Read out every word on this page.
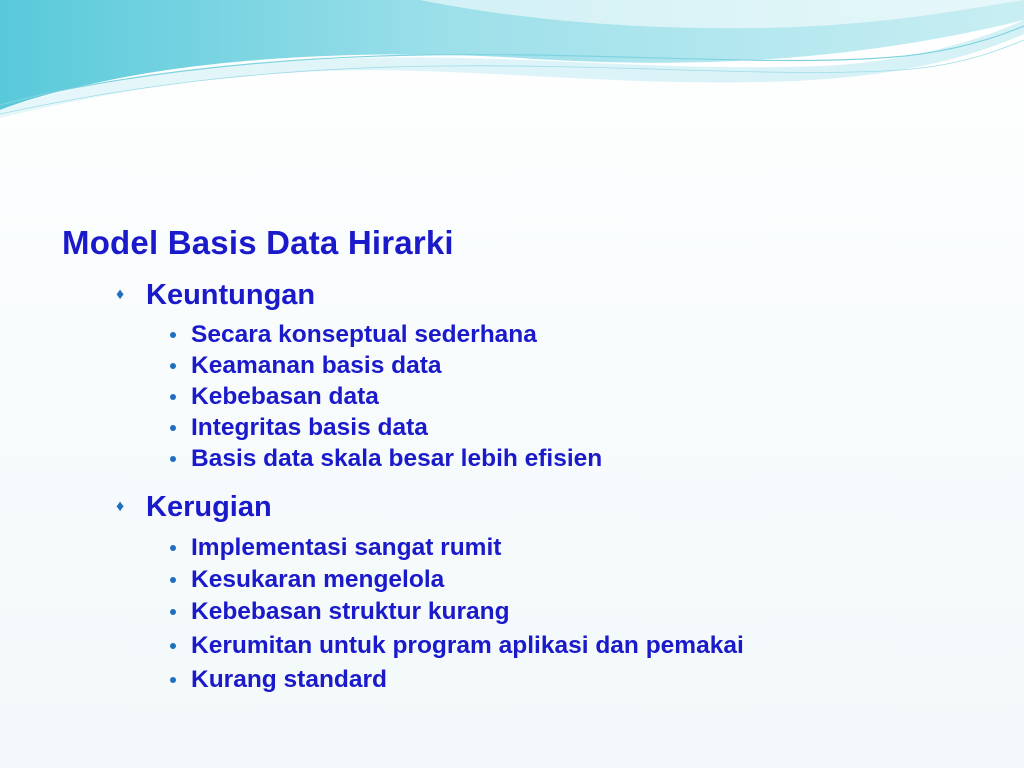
Model Basis Data Hirarki
♦ Keuntungan
Secara konseptual sederhana
Keamanan basis data
Kebebasan data
Integritas basis data
Basis data skala besar lebih efisien
♦ Kerugian
Implementasi sangat rumit
Kesukaran mengelola
Kebebasan struktur kurang
Kerumitan untuk program aplikasi dan pemakai
Kurang standard
